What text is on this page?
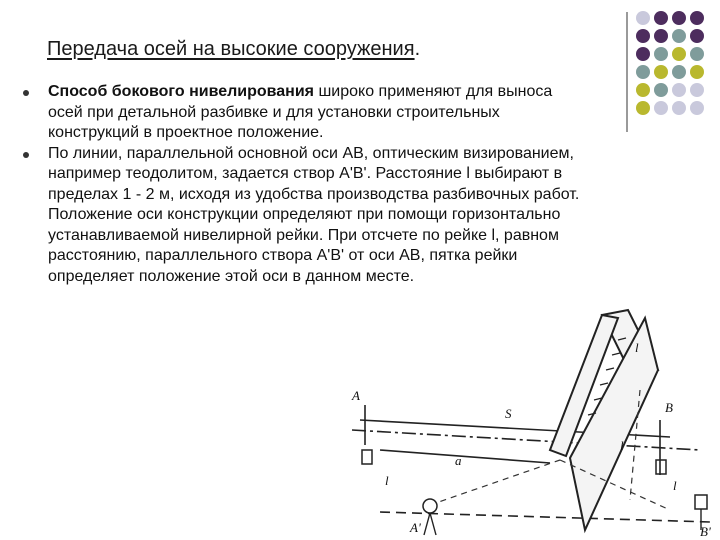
Передача осей на высокие сооружения.
A
B
A'	B'
S
a
l	l
l
l
Способ бокового нивелирования широко применяют для выноса осей при детальной разбивке и для установки строительных конструкций в проектное положение.
По линии, параллельной основной оси АВ, оптическим визированием, например теодолитом, задается створ А'В'. Расстояние l выбирают в пределах 1 - 2 м, исходя из удобства производства разбивочных работ. Положение оси конструкции определяют при помощи горизонтально устанавливаемой нивелирной рейки. При отсчете по рейке l, равном расстоянию, параллельного створа А'В' от оси АВ, пятка рейки определяет положение этой оси в данном месте.
